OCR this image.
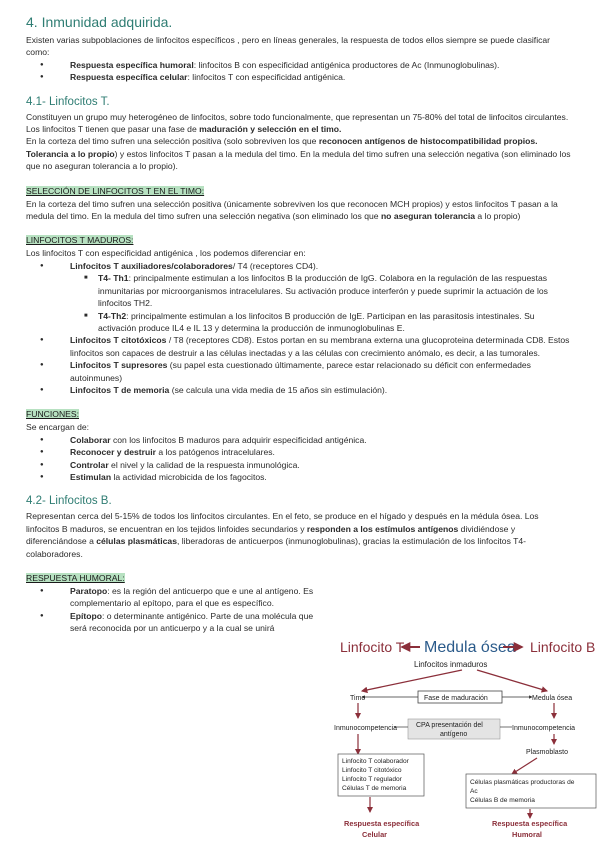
4. Inmunidad adquirida.

Existen varias subpoblaciones de linfocitos específicos , pero en líneas generales, la respuesta de todos ellos siempre se puede clasificar como:

● Respuesta específica humoral: linfocitos B con especificidad antigénica productores de Ac (Inmunoglobulinas).
● Respuesta específica celular: linfocitos T con especificidad antigénica.
4.1- Linfocitos T.

Constituyen un grupo muy heterogéneo de linfocitos, sobre todo funcionalmente, que representan un 75-80% del total de linfocitos circulantes. Los linfocitos T tienen que pasar una fase de maduración y selección en el timo.

En la corteza del timo sufren una selección positiva (solo sobreviven los que reconocen antígenos de histocompatibilidad propios. Tolerancia a lo propio) y estos linfocitos T pasan a la medula del timo. En la medula del timo sufren una selección negativa (son eliminado los que no aseguran tolerancia a lo propio).

SELECCIÓN DE LINFOCITOS T EN EL TIMO:

En la corteza del timo sufren una selección positiva (únicamente sobreviven los que reconocen MCH propios) y estos linfocitos T pasan a la medula del timo. En la medula del timo sufren una selección negativa (son eliminado los que no aseguran tolerancia a lo propio)

LINFOCITOS T MADUROS:

Los linfocitos T con especificidad antigénica , los podemos diferenciar en:

● Linfocitos T auxiliadores/colaboradores/ T4 (receptores CD4).
■ T4- Th1: principalmente estimulan a los linfocitos B la producción de IgG. Colabora en la regulación de las respuestas inmunitarias por microorganismos intracelulares. Su activación produce interferón y puede suprimir la actuación de los linfocitos TH2.
■ T4-Th2: principalmente estimulan a los linfocitos B producción de IgE. Participan en las parasitosis intestinales. Su activación produce IL4 e IL 13 y determina la producción de inmunoglobulinas E.
● Linfocitos T citotóxicos / T8 (receptores CD8). Estos portan en su membrana externa una glucoproteina determinada CD8. Estos linfocitos son capaces de destruir a las células inectadas y a las células con crecimiento anómalo, es decir, a las tumorales.
● Linfocitos T supresores (su papel esta cuestionado últimamente, parece estar relacionado su déficit con enfermedades autoinmunes)
● Linfocitos T de memoria (se calcula una vida media de 15 años sin estimulación).

FUNCIONES:

Se encargan de:

● Colaborar con los linfocitos B maduros para adquirir especificidad antigénica.
● Reconocer y destruir a los patógenos intracelulares.
● Controlar el nivel y la calidad de la respuesta inmunológica.
● Estimulan la actividad microbicida de los fagocitos.
4.2- Linfocitos B.

Representan cerca del 5-15% de todos los linfocitos circulantes. En el feto, se produce en el hígado y después en la médula ósea. Los linfocitos B maduros, se encuentran en los tejidos linfoides secundarios y responden a los estímulos antígenos dividiéndose y diferenciándose a células plasmáticas, liberadoras de anticuerpos (inmunoglobulinas), gracias la estimulación de los linfocitos T4-colaboradores.

RESPUESTA HUMORAL:

● Paratopo: es la región del anticuerpo que e une al antígeno. Es complementario al epítopo, para el que es específico.
● Epítopo: o determinante antigénico. Parte de una molécula que será reconocida por un anticuerpo y a la cual se unirá
Linfocito T Medula ósea Linfocito B
Linfocitos inmaduros
Fase de maduración
Timo	Medula ósea
Inmunocompetencia	CPA presentación del
antígeno
Inmunocompetencia
Plasmoblasto
Linfocito T colaborador
Linfocito T citotóxico
Linfocito T regulador
Células T de memoria
Células plasmáticas productoras de
Ac
Células B de memoria
Respuesta específica
Celular
Respuesta específica
Humoral
